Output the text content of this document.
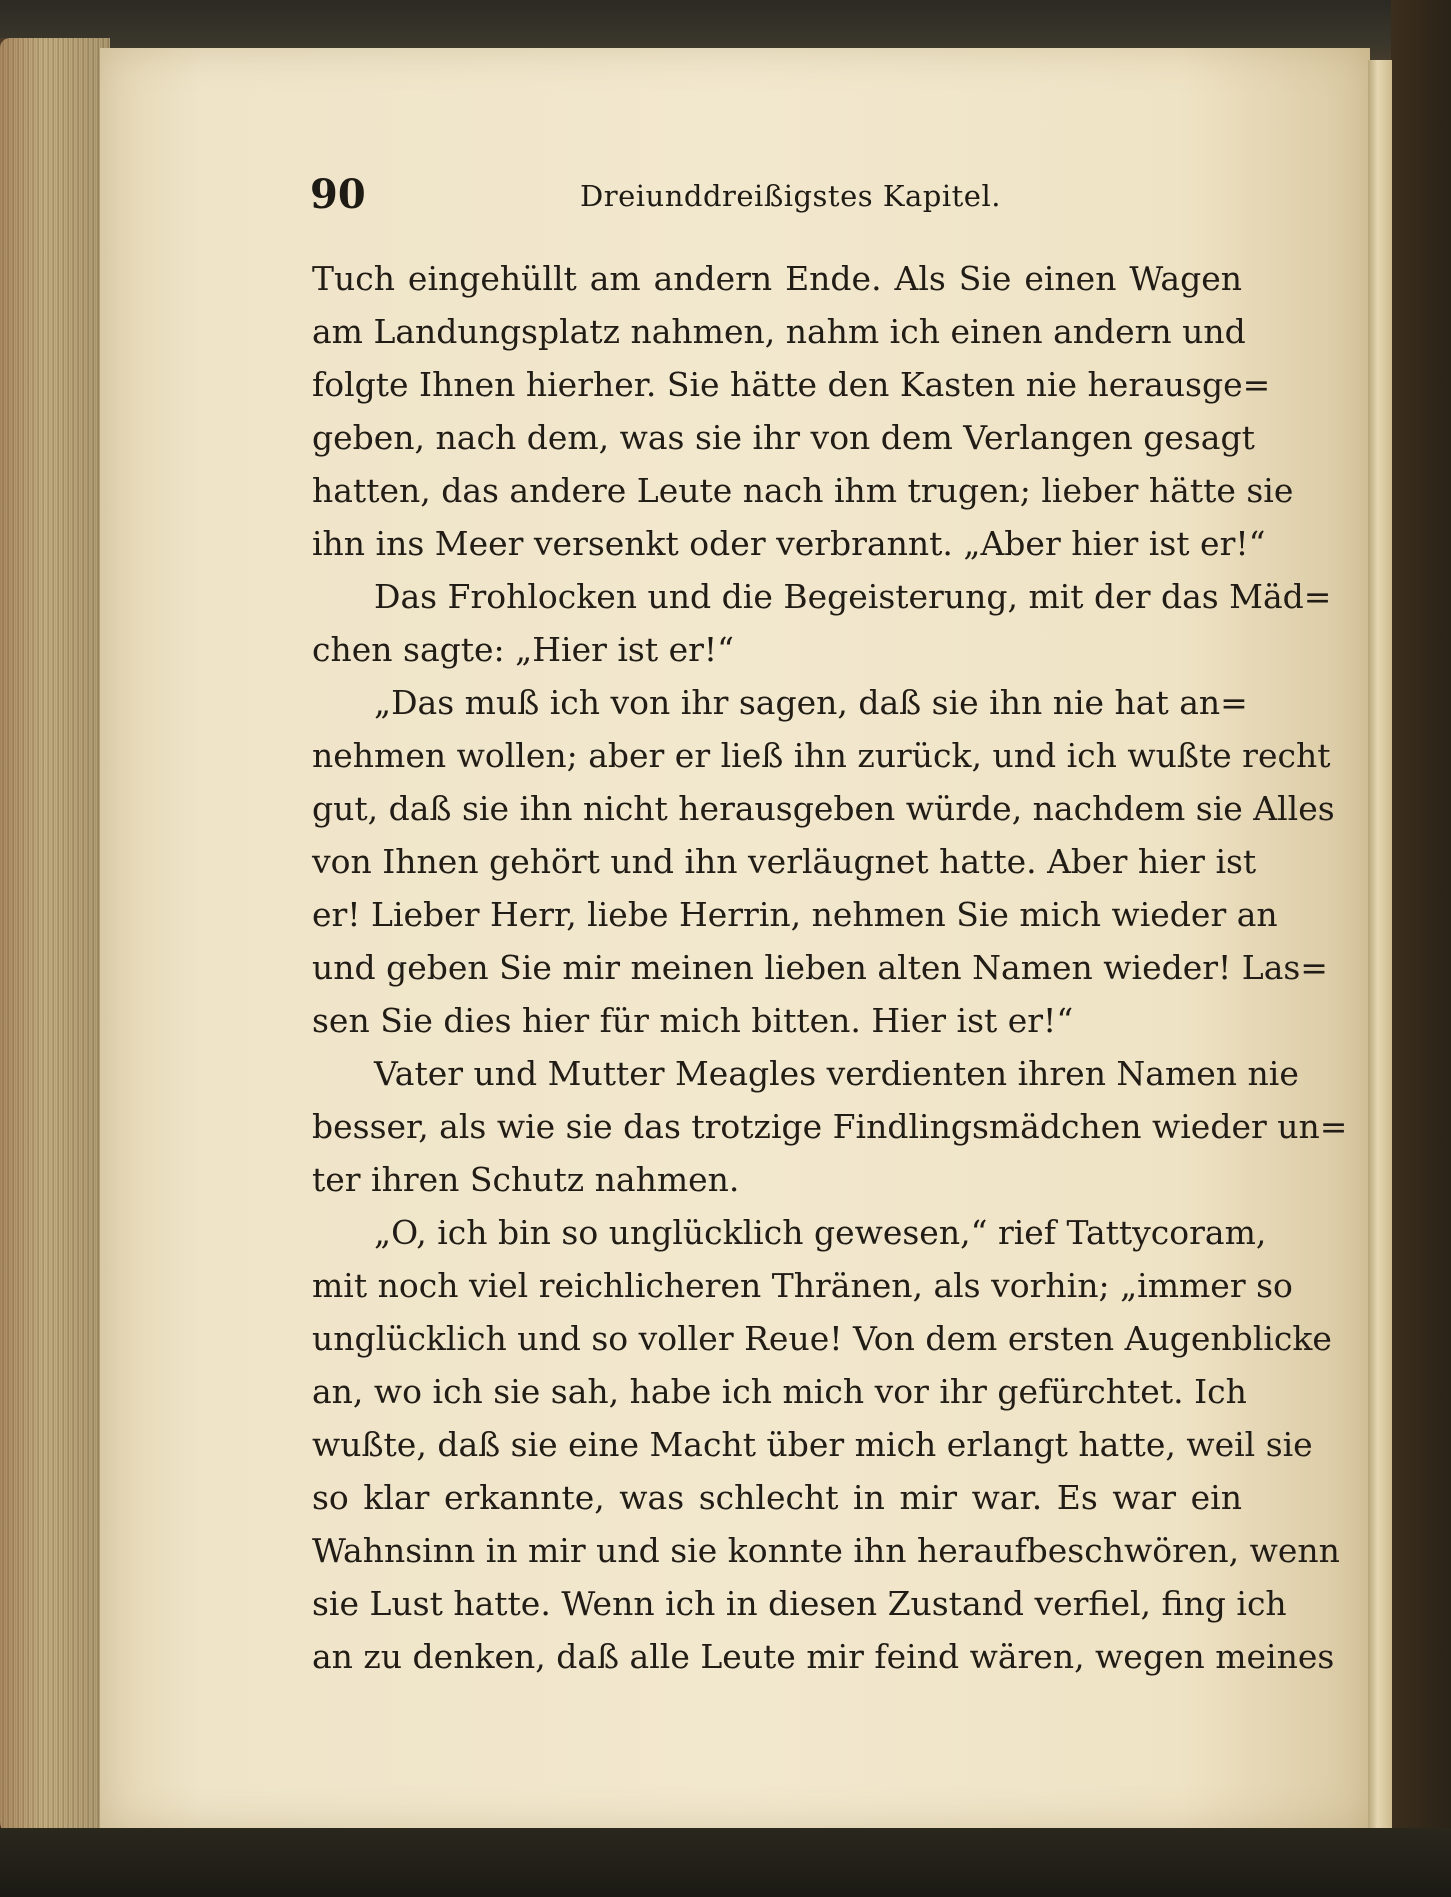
90	Dreiunddreißigstes Kapitel.
Tuch eingehüllt am andern Ende. Als Sie einen Wagen
am Landungsplatz nahmen, nahm ich einen andern und
folgte Ihnen hierher. Sie hätte den Kasten nie herausge=
geben, nach dem, was sie ihr von dem Verlangen gesagt
hatten, das andere Leute nach ihm trugen; lieber hätte sie
ihn ins Meer versenkt oder verbrannt. „Aber hier ist er!“
Das Frohlocken und die Begeisterung, mit der das Mäd=
chen sagte: „Hier ist er!“
„Das muß ich von ihr sagen, daß sie ihn nie hat an=
nehmen wollen; aber er ließ ihn zurück, und ich wußte recht
gut, daß sie ihn nicht herausgeben würde, nachdem sie Alles
von Ihnen gehört und ihn verläugnet hatte. Aber hier ist
er! Lieber Herr, liebe Herrin, nehmen Sie mich wieder an
und geben Sie mir meinen lieben alten Namen wieder! Las=
sen Sie dies hier für mich bitten. Hier ist er!“
Vater und Mutter Meagles verdienten ihren Namen nie
besser, als wie sie das trotzige Findlingsmädchen wieder un=
ter ihren Schutz nahmen.
„O, ich bin so unglücklich gewesen,“ rief Tattycoram,
mit noch viel reichlicheren Thränen, als vorhin; „immer so
unglücklich und so voller Reue! Von dem ersten Augenblicke
an, wo ich sie sah, habe ich mich vor ihr gefürchtet. Ich
wußte, daß sie eine Macht über mich erlangt hatte, weil sie
so klar erkannte, was schlecht in mir war. Es war ein
Wahnsinn in mir und sie konnte ihn heraufbeschwören, wenn
sie Lust hatte. Wenn ich in diesen Zustand verfiel, fing ich
an zu denken, daß alle Leute mir feind wären, wegen meines
